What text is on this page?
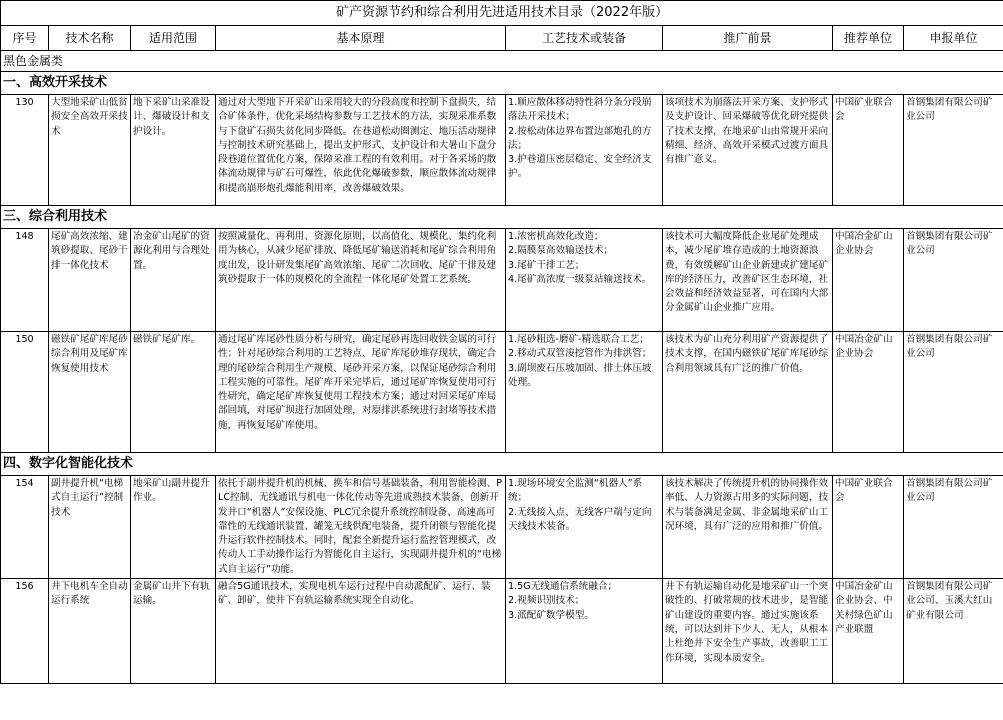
矿产资源节约和综合利用先进适用技术目录（2022年版）							
序号	技术名称	适用范围	基本原理	工艺技术或装备	推广前景	推荐单位	申报单位
黑色金属类							
一、高效开采技术							
130	大型地采矿山低贫损安全高效开采技术	地下采矿山采准设计、爆破设计和支护设计。	通过对大型地下开采矿山采用较大的分段高度和控制下盘损失，结合矿体条件，优化采场结构参数与工艺技术的方法，实现采准系数与下盘矿石损失贫化同步降低。在巷道松动圈测定、地压活动规律与控制技术研究基础上，提出支护形式、支护设计和大暑山下盘分段巷道位置优化方案，保障采准工程的有效利用。对于各采场的散体流动规律与矿石可爆性，依此优化爆破参数，顺应散体流动规律和提高崩形炮孔爆能利用率，改善爆破效果。	1.顺应散体移动特性斜分条分段崩落法开采技术；
2.按松动体边界布置边部炮孔的方法；
3.护巷道压密层稳定、安全经济支护。	该项技术为崩落法开采方案、支护形式及支护设计、回采爆破等优化研究提供了技术支撑，在地采矿山由常规开采向精细、经济、高效开采模式过渡方面具有推广意义。	中国矿业联合会	首钢集团有限公司矿业公司
三、综合利用技术							
148	尾矿高效浓缩、建筑砂提取、尾砂干排一体化技术	冶金矿山尾矿的资源化利用与合理处置。	按照减量化、再利用、资源化原则，以高值化、规模化、集约化利用为核心，从减少尾矿排放、降低尾矿输送消耗和尾矿综合利用角度出发，设计研发集尾矿高效浓缩、尾矿二次回收、尾矿干排及建筑砂提取于一体的规模化的全流程一体化尾矿处置工艺系统。	1.浓密机高效化改造；
2.隔膜泵高效输送技术；
3.尾矿干排工艺；
4.尾矿高浓度一级泵站输送技术。	该技术可大幅度降低企业尾矿处理成本，减少尾矿堆存造成的土地资源浪费，有效缓解矿山企业新建或扩建尾矿库的经济压力，改善矿区生态环境，社会效益和经济效益显著，可在国内大部分金属矿山企业推广应用。	中国冶金矿山企业协会	首钢集团有限公司矿业公司
150	磁铁矿尾矿库尾砂综合利用及尾矿库恢复使用技术	磁铁矿尾矿库。	通过尾矿库尾砂性质分析与研究，确定尾砂再选回收铁金属的可行性；针对尾砂综合利用的工艺特点、尾矿库尾砂堆存现状，确定合理的尾砂综合利用生产规模、尾砂开采方案，以保证尾砂综合利用工程实施的可靠性。尾矿库开采完毕后，通过尾矿库恢复使用可行性研究，确定尾矿库恢复使用工程技术方案；通过对回采尾矿库局部回填，对尾矿坝进行加固处理，对原排洪系统进行封堵等技术措施，再恢复尾矿库使用。	1.尾砂粗选-磨矿-精选联合工艺；
2.移动式双管浚挖管作为排洪管；
3.副坝废石压坡加固、排土体压坡处理。	该技术为矿山充分利用矿产资源提供了技术支撑，在国内磁铁矿尾矿库尾砂综合利用领域具有广泛的推广价值。	中国冶金矿山企业协会	首钢集团有限公司矿业公司
四、数字化智能化技术							
154	副井提升机“电梯式自主运行”控制技术	地采矿山副井提升作业。	依托于副井提升机的机械、换车和信号基础装备，利用智能检测、PLC控制、无线通讯与机电一体化传动等先进成熟技术装备，创新开发井口“机器人”安保设施、PLC冗余提升系统控制设备、高速高可靠性的无线通讯装置、罐笼无线供配电装备，提升闭锁与智能化提升运行软件控制技术。同时，配套全新提升运行监控管理模式，改传动人工手动操作运行为智能化自主运行，实现副井提升机的“电梯式自主运行”功能。	1.现场环境安全监测“机器人”系统；
2.无线接入点、无线客户端与定向天线技术装备。	该技术解决了传统提升机的协同操作效率低、人力资源占用多的实际问题，技术与装备满足金属、非金属地采矿山工况环境，具有广泛的应用和推广价值。	中国矿业联合会	首钢集团有限公司矿业公司
156	井下电机车全自动运行系统	金属矿山井下有轨运输。	融合5G通讯技术，实现电机车运行过程中自动派配矿、运行、装矿、卸矿，使井下有轨运输系统实现全自动化。	1.5G无线通信系统融合；
2.视频识别技术；
3.派配矿数学模型。	井下有轨运输自动化是地采矿山一个突破性的、打破常规的技术进步，是智能矿山建设的重要内容。通过实施该系统，可以达到井下少人、无人，从根本上杜绝井下安全生产事故，改善职工工作环境，实现本质安全。	中国冶金矿山企业协会、中关村绿色矿山产业联盟	首钢集团有限公司矿业公司、玉溪大红山矿业有限公司
